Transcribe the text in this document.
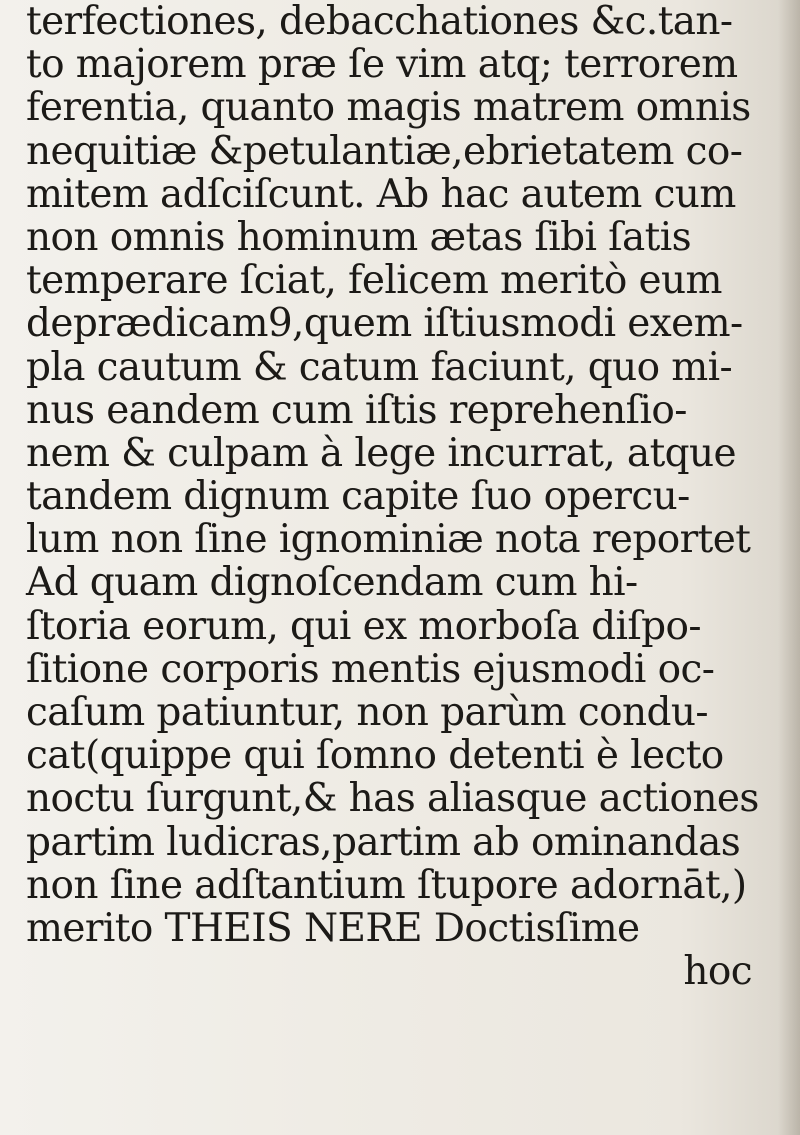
terfectiones, debacchationes &c.tan-
to majorem præ ſe vim atq; terrorem
ferentia, quanto magis matrem omnis
nequitiæ &petulantiæ,ebrietatem co-
mitem adſciſcunt. Ab hac autem cum
non omnis hominum ætas ſibi ſatis
temperare ſciat, felicem meritò eum
deprædicam9,quem iſtiusmodi exem-
pla cautum & catum faciunt, quo mi-
nus eandem cum iſtis reprehenſio-
nem & culpam à lege incurrat, atque
tandem dignum capite ſuo opercu-
lum non ſine ignominiæ nota reportet
Ad quam dignoſcendam cum hi-
ſtoria eorum, qui ex morboſa diſpo-
ſitione corporis mentis ejusmodi oc-
caſum patiuntur, non parùm condu-
cat(quippe qui ſomno detenti è lecto
noctu ſurgunt,& has aliasque actiones
partim ludicras,partim ab ominandas
non ſine adſtantium ſtupore adornāt,)
merito THEIS NERE Doctisſime
hoc
